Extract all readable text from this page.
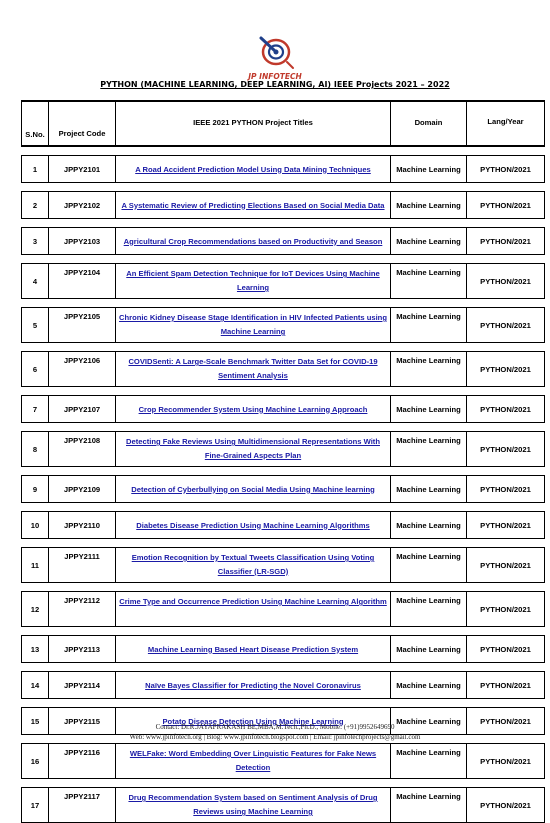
JP INFOTECH
PYTHON (MACHINE LEARNING, DEEP LEARNING, AI) IEEE Projects 2021 – 2022
S.No.	Project Code	IEEE 2021 PYTHON Project Titles	Domain	Lang/Year

1	JPPY2101	A Road Accident Prediction Model Using Data Mining Techniques	Machine Learning	PYTHON/2021

2	JPPY2102	A Systematic Review of Predicting Elections Based on Social Media Data	Machine Learning	PYTHON/2021

3	JPPY2103	Agricultural Crop Recommendations based on Productivity and Season	Machine Learning	PYTHON/2021

4	JPPY2104	An Efficient Spam Detection Technique for IoT Devices Using Machine Learning	Machine Learning	PYTHON/2021

5	JPPY2105	Chronic Kidney Disease Stage Identification in HIV Infected Patients using Machine Learning	Machine Learning	PYTHON/2021

6	JPPY2106	COVIDSenti: A Large-Scale Benchmark Twitter Data Set for COVID-19 Sentiment Analysis	Machine Learning	PYTHON/2021

7	JPPY2107	Crop Recommender System Using Machine Learning Approach	Machine Learning	PYTHON/2021

8	JPPY2108	Detecting Fake Reviews Using Multidimensional Representations With Fine-Grained Aspects Plan	Machine Learning	PYTHON/2021

9	JPPY2109	Detection of Cyberbullying on Social Media Using Machine learning	Machine Learning	PYTHON/2021

10	JPPY2110	Diabetes Disease Prediction Using Machine Learning Algorithms	Machine Learning	PYTHON/2021

11	JPPY2111	Emotion Recognition by Textual Tweets Classification Using Voting Classifier (LR-SGD)	Machine Learning	PYTHON/2021

12	JPPY2112	Crime Type and Occurrence Prediction Using Machine Learning Algorithm	Machine Learning	PYTHON/2021

13	JPPY2113	Machine Learning Based Heart Disease Prediction System	Machine Learning	PYTHON/2021

14	JPPY2114	Naïve Bayes Classifier for Predicting the Novel Coronavirus	Machine Learning	PYTHON/2021

15	JPPY2115	Potato Disease Detection Using Machine Learning	Machine Learning	PYTHON/2021

16	JPPY2116	WELFake: Word Embedding Over Linguistic Features for Fake News Detection	Machine Learning	PYTHON/2021

17	JPPY2117	Drug Recommendation System based on Sentiment Analysis of Drug Reviews using Machine Learning	Machine Learning	PYTHON/2021
Contact: Dr.R.JAYAPRAKASH BE,MBA,M.Tech.,Ph.D., Mobile: (+91)9952649690
Web: www.jpinfotech.org | Blog: www.jpinfotech.blogspot.com | Email: jpinfotechprojects@gmail.com
